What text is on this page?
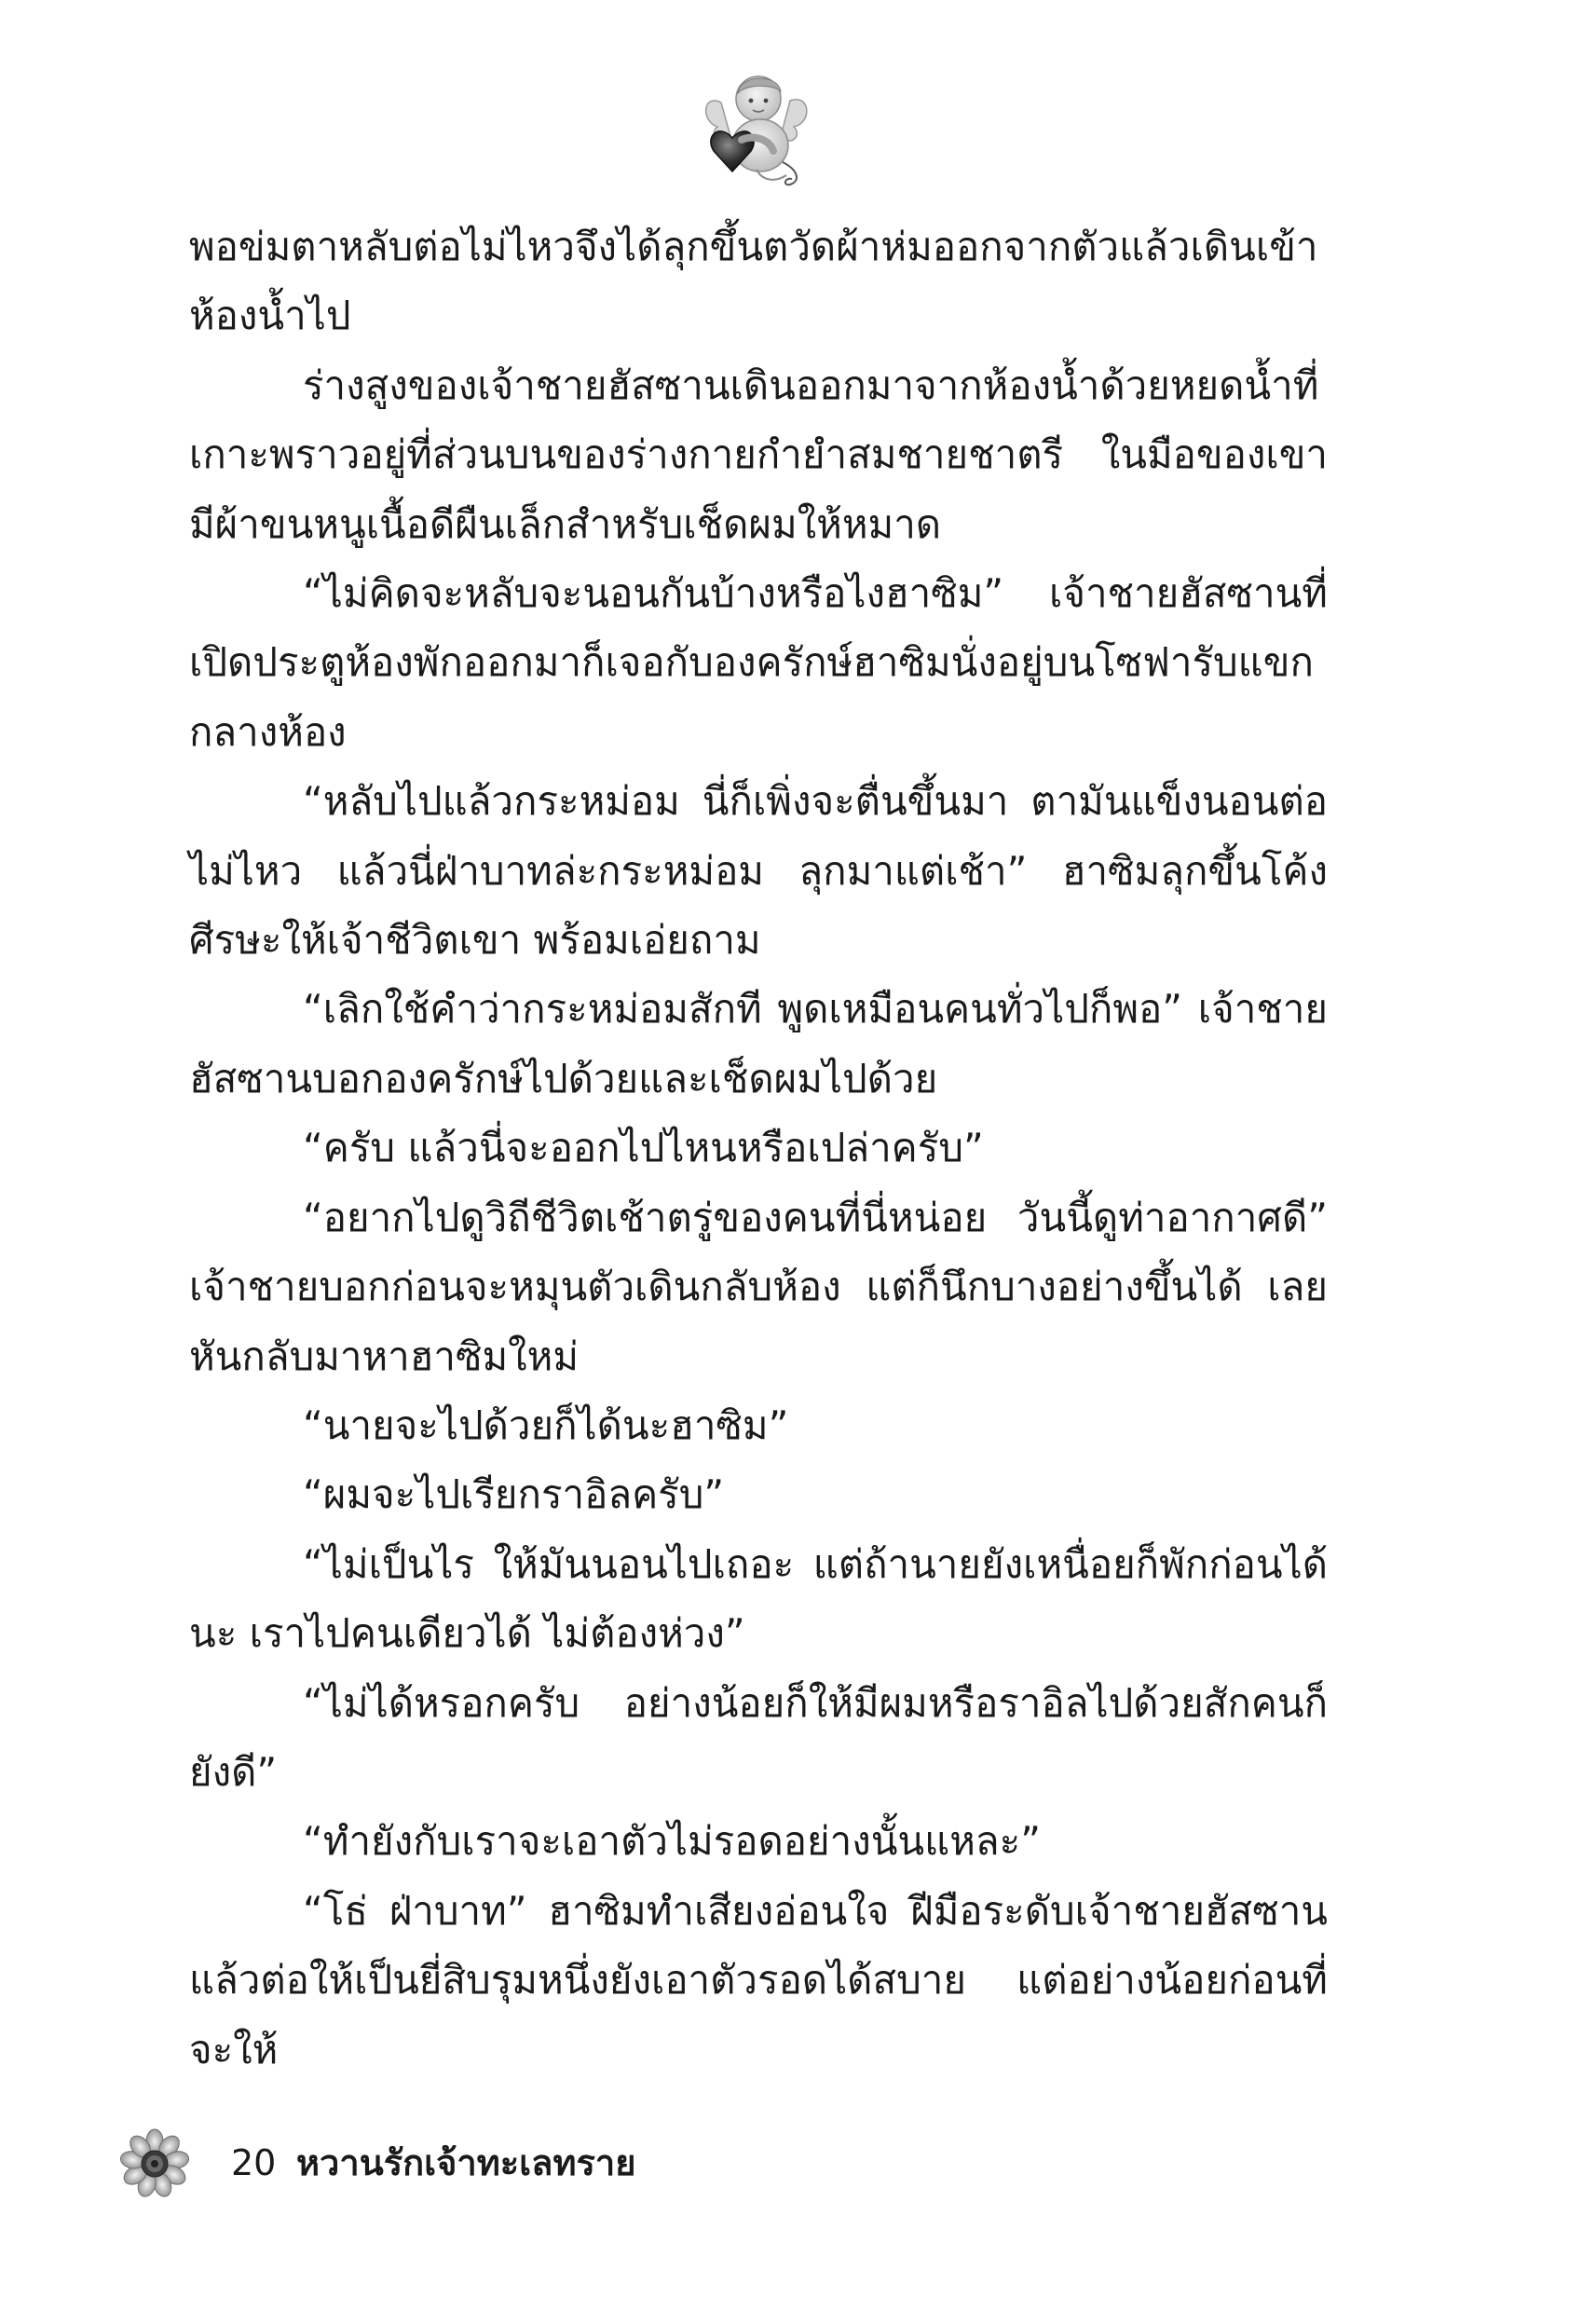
พอข่มตาหลับต่อไม่ไหวจึงได้ลุกขึ้นตวัดผ้าห่มออกจากตัวแล้วเดินเข้าห้องน้ำไป

ร่างสูงของเจ้าชายฮัสซานเดินออกมาจากห้องน้ำด้วยหยดน้ำที่เกาะพราวอยู่ที่ส่วนบนของร่างกายกำยำสมชายชาตรี ในมือของเขามีผ้าขนหนูเนื้อดีผืนเล็กสำหรับเช็ดผมให้หมาด

“ไม่คิดจะหลับจะนอนกันบ้างหรือไงฮาซิม” เจ้าชายฮัสซานที่เปิดประตูห้องพักออกมาก็เจอกับองครักษ์ฮาซิมนั่งอยู่บนโซฟารับแขกกลางห้อง

“หลับไปแล้วกระหม่อม นี่ก็เพิ่งจะตื่นขึ้นมา ตามันแข็งนอนต่อไม่ไหว แล้วนี่ฝ่าบาทล่ะกระหม่อม ลุกมาแต่เช้า” ฮาซิมลุกขึ้นโค้งศีรษะให้เจ้าชีวิตเขา พร้อมเอ่ยถาม

“เลิกใช้คำว่ากระหม่อมสักที พูดเหมือนคนทั่วไปก็พอ” เจ้าชายฮัสซานบอกองครักษ์ไปด้วยและเช็ดผมไปด้วย

“ครับ แล้วนี่จะออกไปไหนหรือเปล่าครับ”

“อยากไปดูวิถีชีวิตเช้าตรู่ของคนที่นี่หน่อย วันนี้ดูท่าอากาศดี” เจ้าชายบอกก่อนจะหมุนตัวเดินกลับห้อง แต่ก็นึกบางอย่างขึ้นได้ เลยหันกลับมาหาฮาซิมใหม่

“นายจะไปด้วยก็ได้นะฮาซิม”

“ผมจะไปเรียกราอิลครับ”

“ไม่เป็นไร ให้มันนอนไปเถอะ แต่ถ้านายยังเหนื่อยก็พักก่อนได้นะ เราไปคนเดียวได้ ไม่ต้องห่วง”

“ไม่ได้หรอกครับ อย่างน้อยก็ให้มีผมหรือราอิลไปด้วยสักคนก็ยังดี”

“ทำยังกับเราจะเอาตัวไม่รอดอย่างนั้นแหละ”

“โธ่ ฝ่าบาท” ฮาซิมทำเสียงอ่อนใจ ฝีมือระดับเจ้าชายฮัสซานแล้วต่อให้เป็นยี่สิบรุมหนึ่งยังเอาตัวรอดได้สบาย แต่อย่างน้อยก่อนที่จะให้

20 หวานรักเจ้าทะเลทราย
